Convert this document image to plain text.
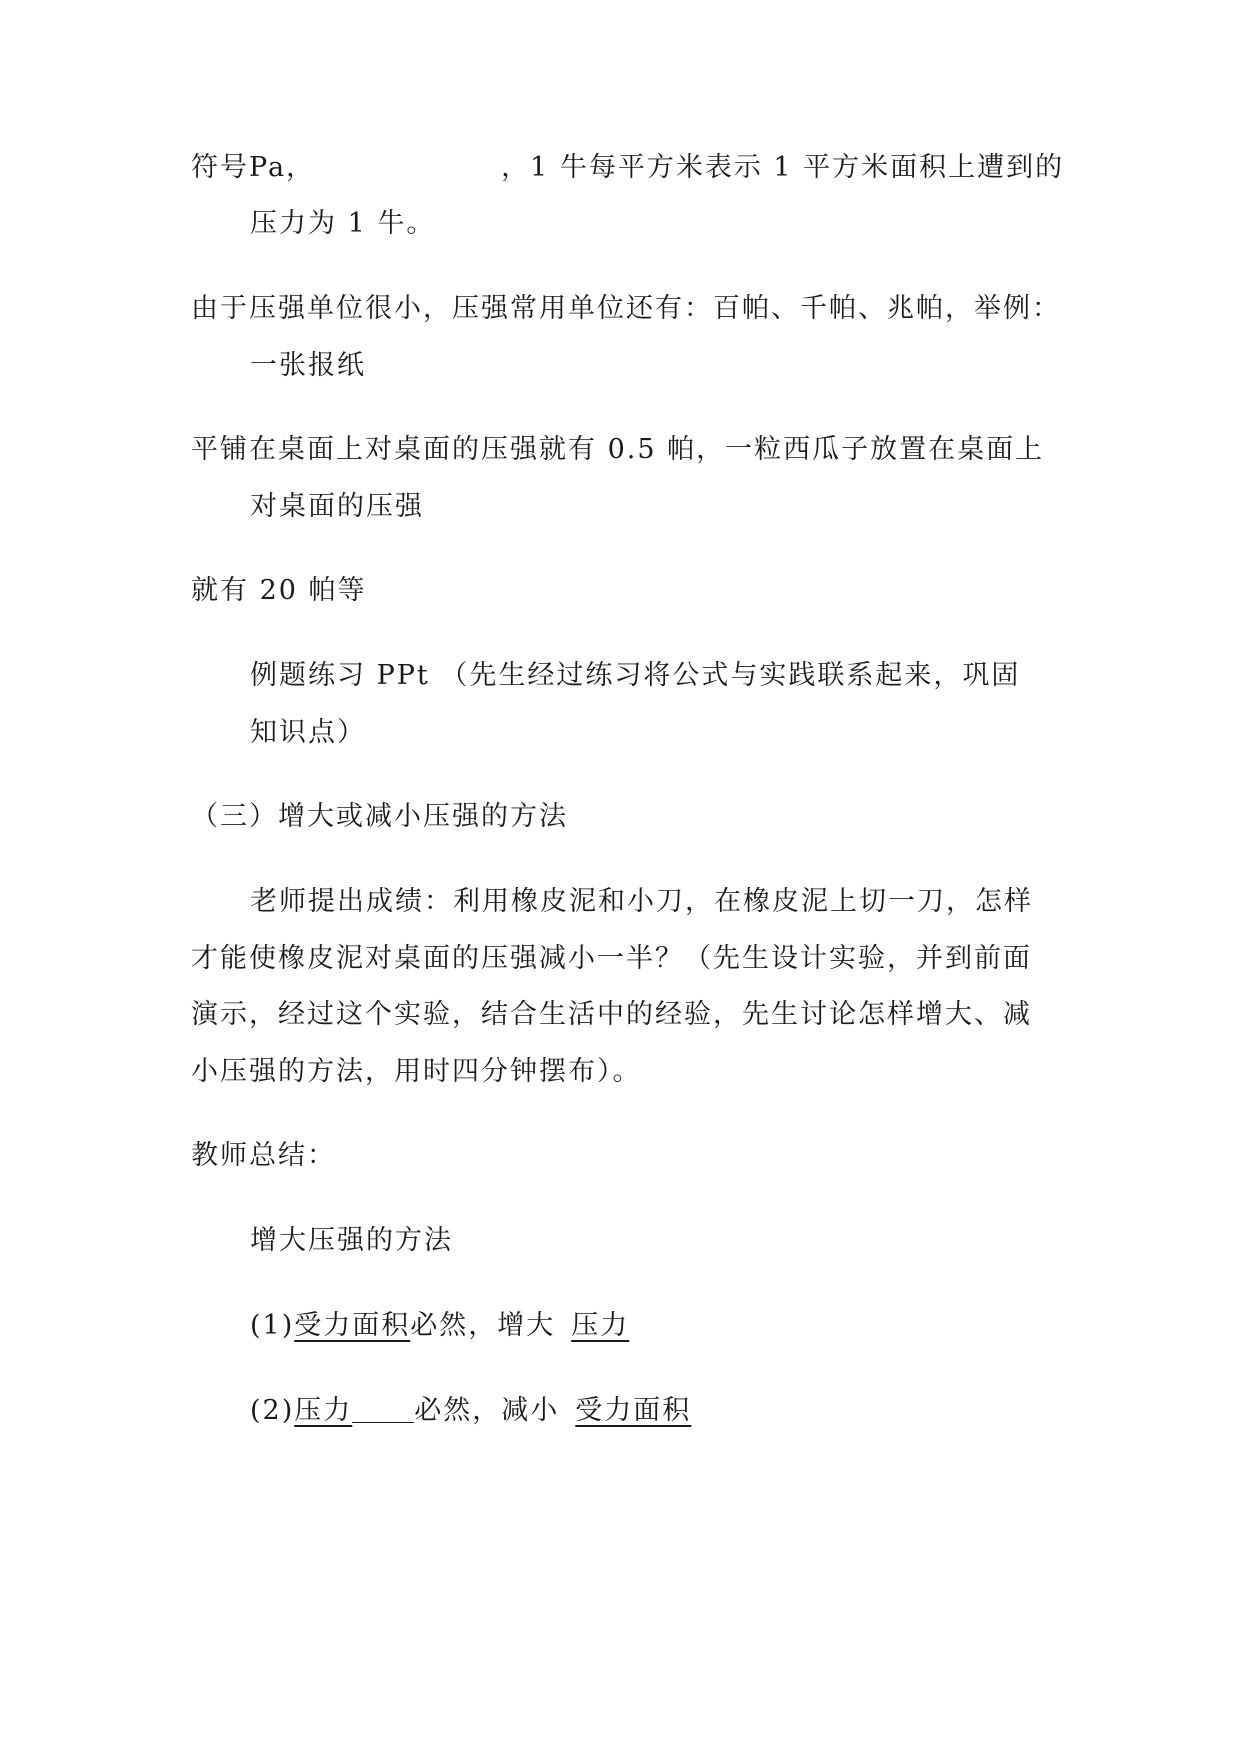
符号Pa，	，1 牛每平方米表示 1 平方米面积上遭到的
压力为 1 牛。
由于压强单位很小，压强常用单位还有：百帕、千帕、兆帕，举例：
一张报纸
平铺在桌面上对桌面的压强就有 0.5 帕，一粒西瓜子放置在桌面上
对桌面的压强
就有 20 帕等
例题练习 PPt （先生经过练习将公式与实践联系起来，巩固
知识点）
（三）增大或减小压强的方法
老师提出成绩：利用橡皮泥和小刀，在橡皮泥上切一刀，怎样
才能使橡皮泥对桌面的压强减小一半？（先生设计实验，并到前面
演示，经过这个实验，结合生活中的经验，先生讨论怎样增大、减
小压强的方法，用时四分钟摆布）。
教师总结：
增大压强的方法
(1)受力面积必然，增大 压力
(2)压力 必然，减小 受力面积
